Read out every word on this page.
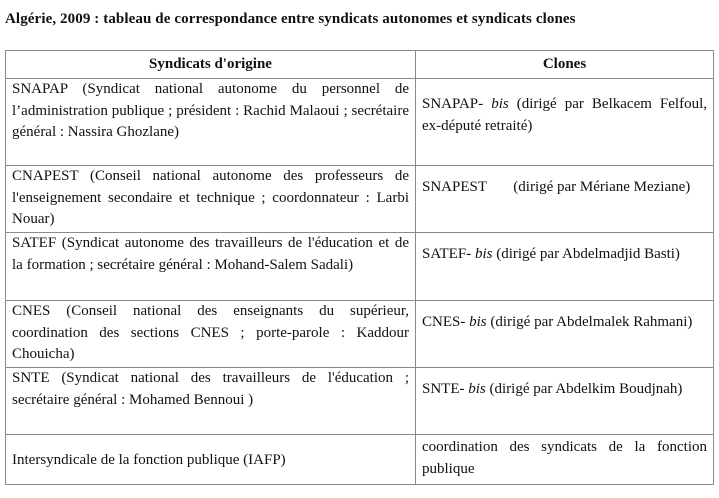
Algérie, 2009 : tableau de correspondance entre syndicats autonomes et syndicats clones
Syndicats d'origine	Clones
SNAPAP (Syndicat national autonome du personnel de l’administration publique ; président : Rachid Malaoui ; secrétaire général : Nassira Ghozlane)	SNAPAP- bis (dirigé par Belkacem Felfoul, ex-député retraité)
CNAPEST (Conseil national autonome des professeurs de l'enseignement secondaire et technique ; coordonnateur : Larbi Nouar)	SNAPEST (dirigé par Mériane Meziane)
SATEF (Syndicat autonome des travailleurs de l'éducation et de la formation ; secrétaire général : Mohand-Salem Sadali)	SATEF- bis (dirigé par Abdelmadjid Basti)
CNES (Conseil national des enseignants du supérieur, coordination des sections CNES ; porte-parole : Kaddour Chouicha)	CNES- bis (dirigé par Abdelmalek Rahmani)
SNTE (Syndicat national des travailleurs de l'éducation ; secrétaire général : Mohamed Bennoui )	SNTE- bis (dirigé par Abdelkim Boudjnah)
Intersyndicale de la fonction publique (IAFP)	coordination des syndicats de la fonction publique
